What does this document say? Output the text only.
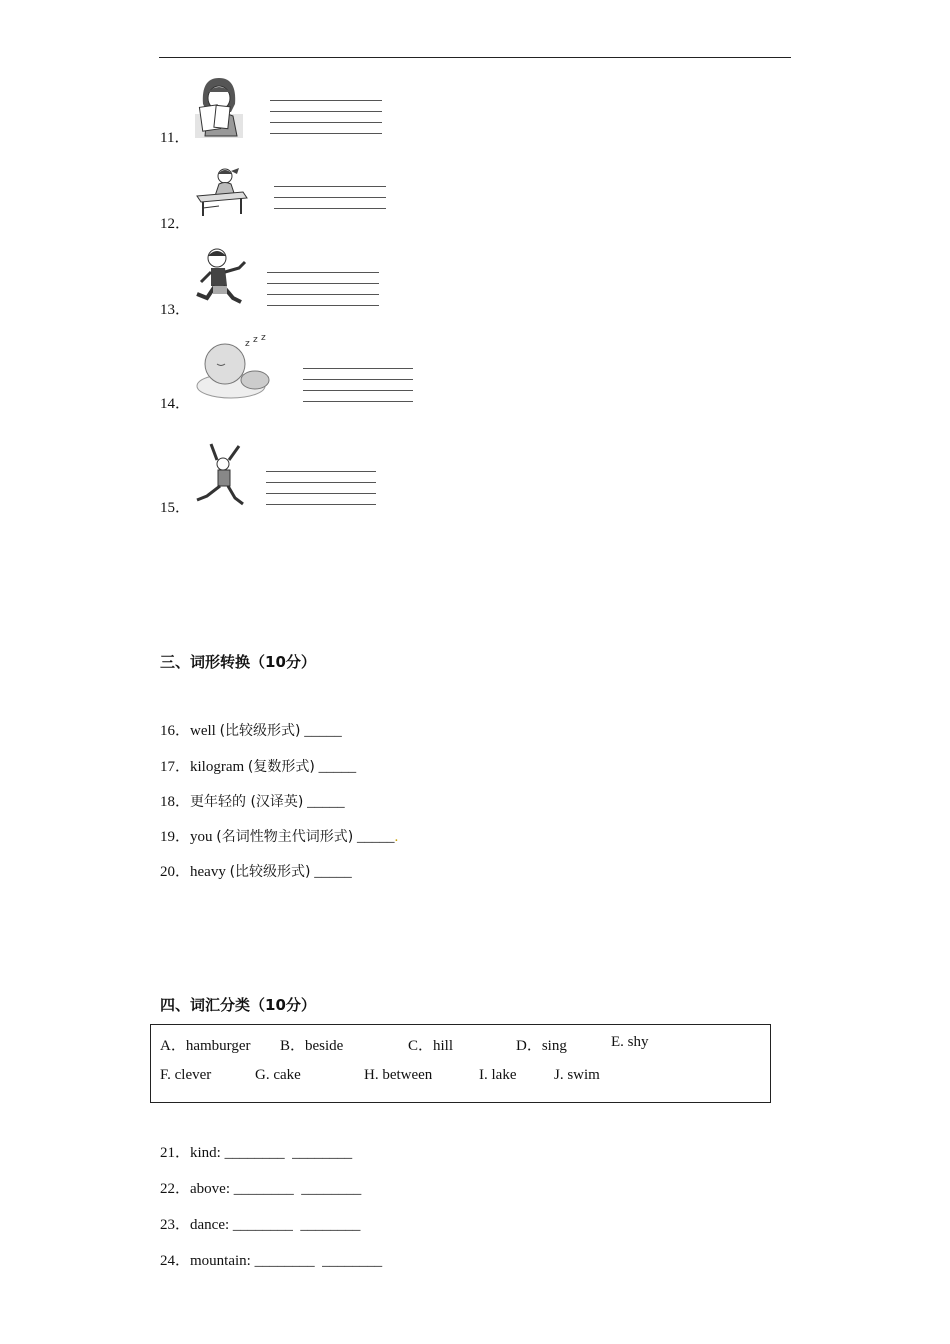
11．
12．
13．
14．
z z z
15．
三、词形转换（10分）
16．well (比较级形式) _____
17．kilogram (复数形式) _____
18．更年轻的 (汉译英) _____
19．you (名词性物主代词形式) _____.
20．heavy (比较级形式) _____
四、词汇分类（10分）
A．hamburger B．beside	C．hill	D．sing	E. shy
F. clever	G. cake	H. between	I. lake	J. swim
21．kind: ________  ________
22．above: ________  ________
23．dance: ________  ________
24．mountain: ________  ________
